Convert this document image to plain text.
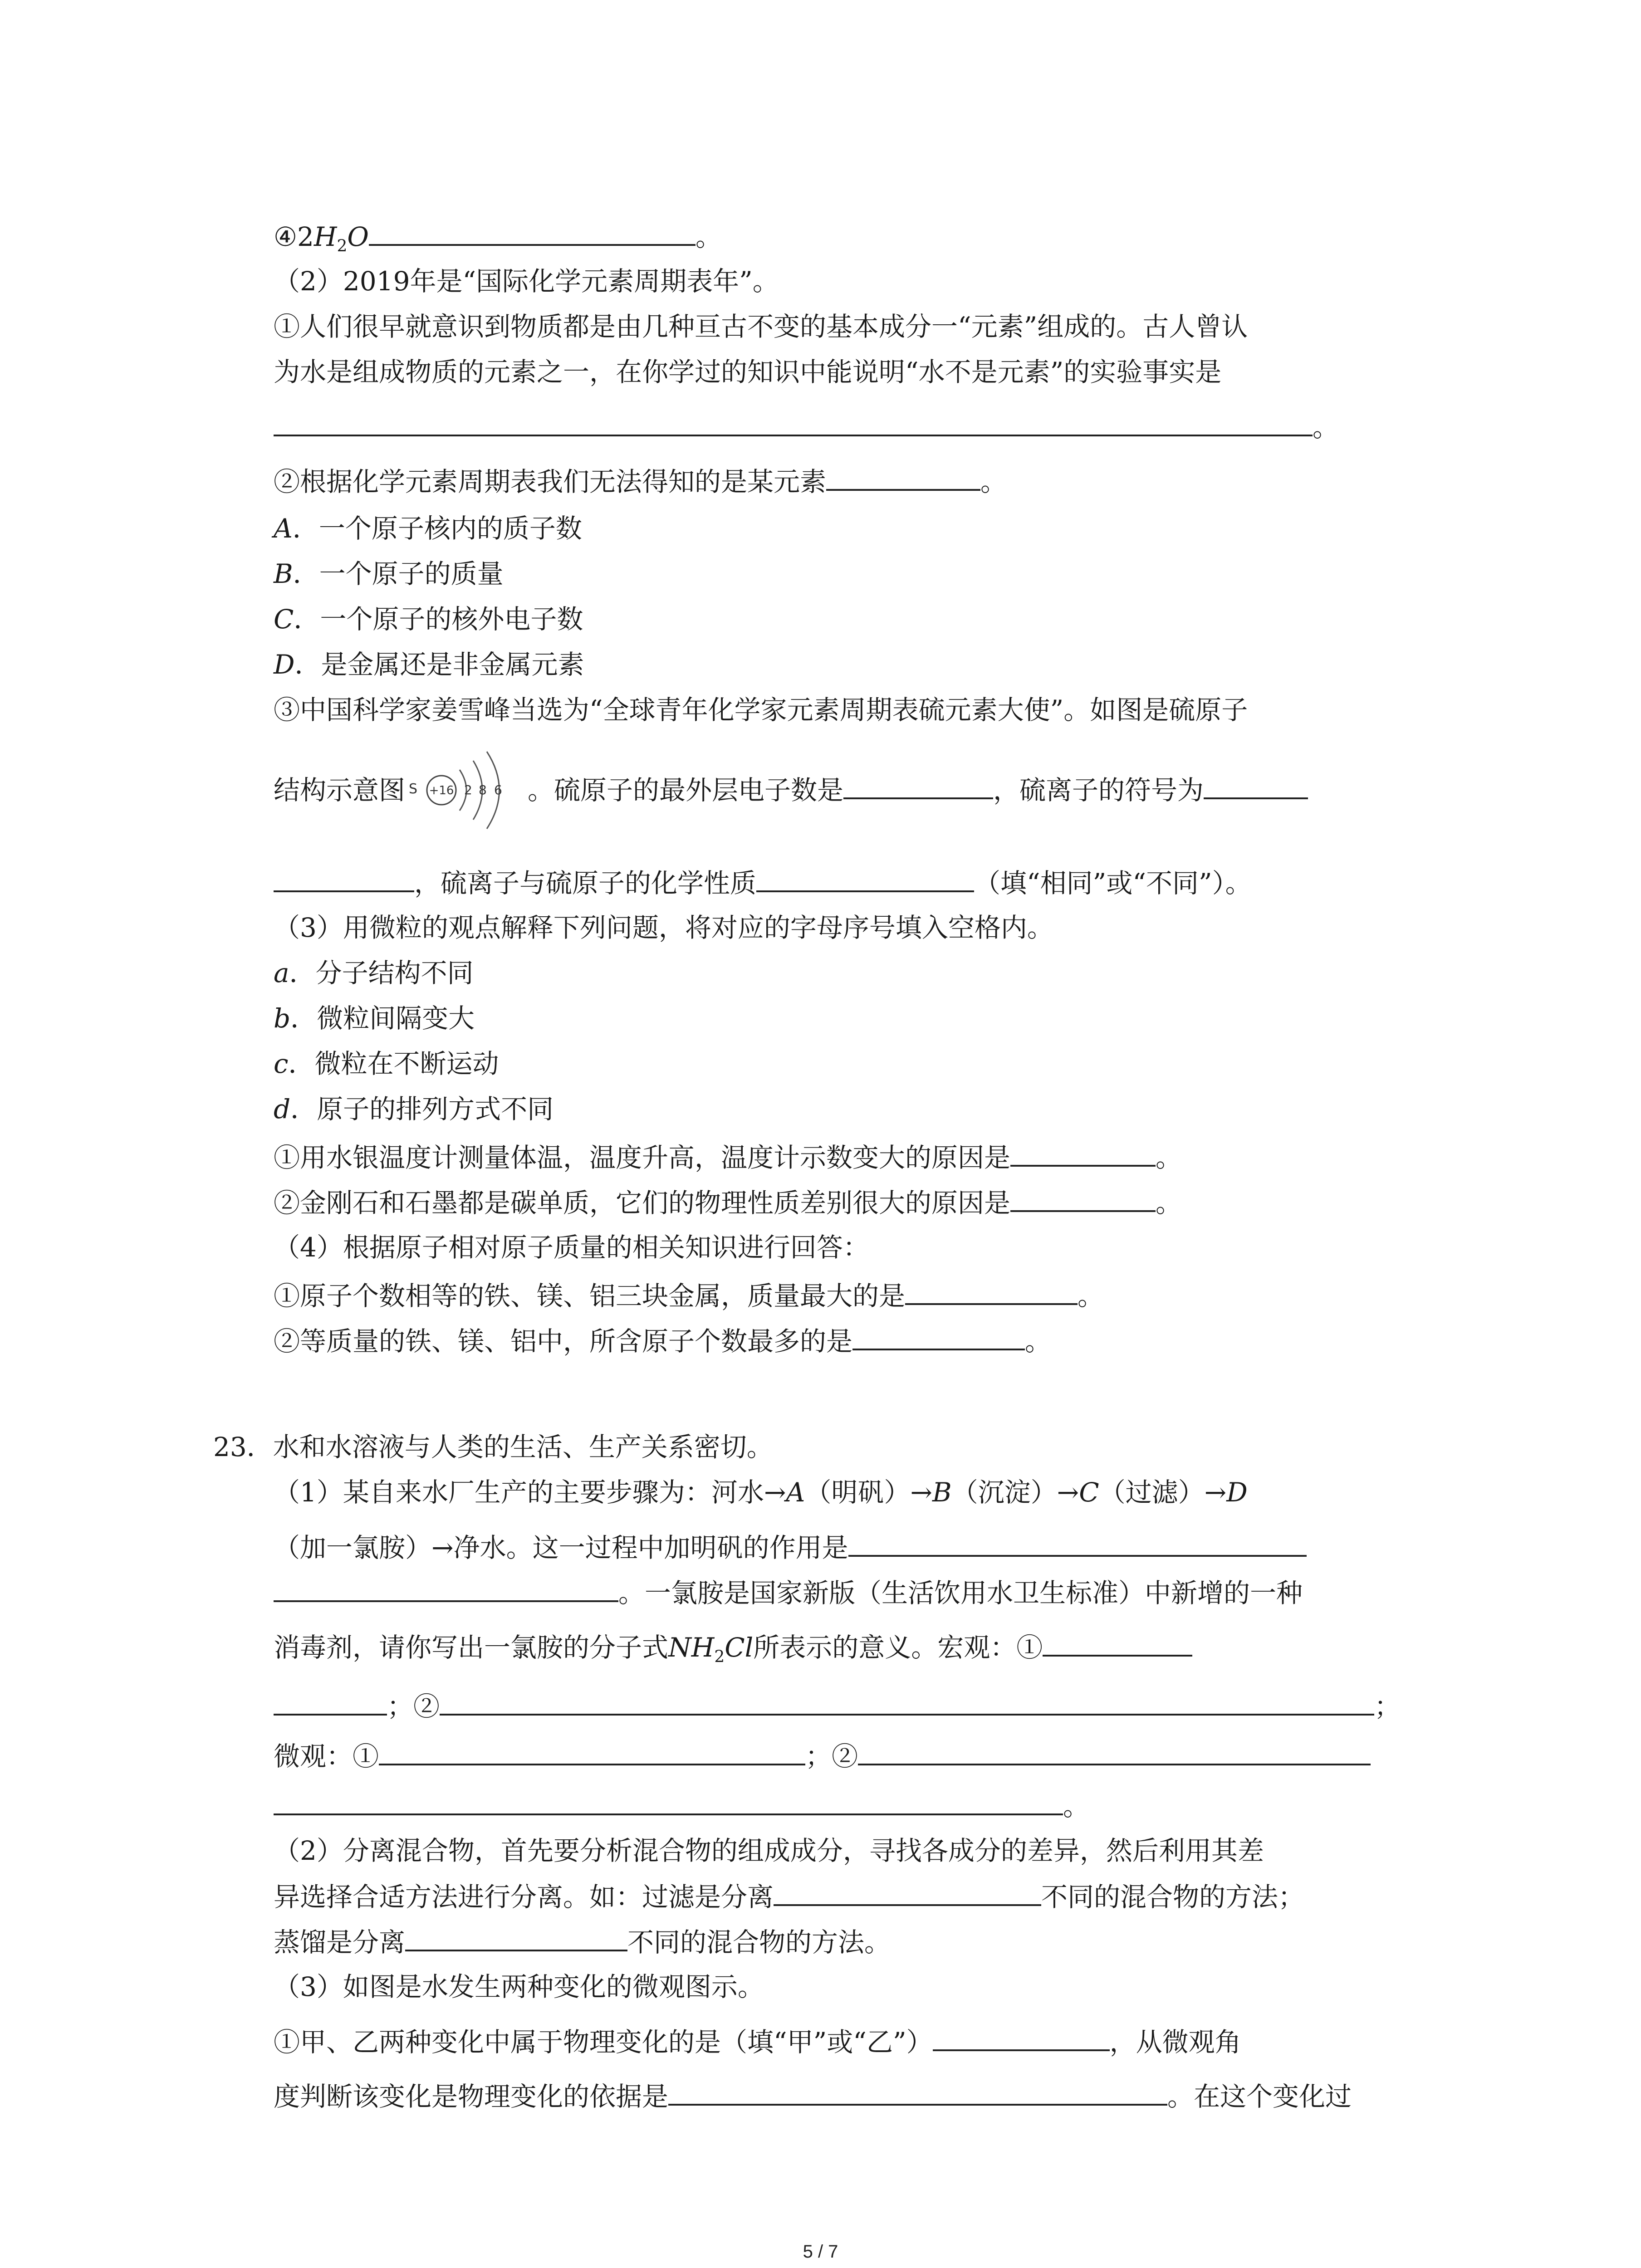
$④2H_2O$	。
（2）2019年是“国际化学元素周期表年”。
①人们很早就意识到物质都是由几种亘古不变的基本成分一“元素”组成的。古人曾认
为水是组成物质的元素之一，在你学过的知识中能说明“水不是元素”的实验事实是
。
②根据化学元素周期表我们无法得知的是某元素	。
A．一个原子核内的质子数
B．一个原子的质量
C．一个原子的核外电子数
D．是金属还是非金属元素
③中国科学家姜雪峰当选为“全球青年化学家元素周期表硫元素大使”。如图是硫原子
结构示意图 S +16 2 8 6 。硫原子的最外层电子数是	，硫离子的符号为
，硫离子与硫原子的化学性质	（填“相同”或“不同”）。
（3）用微粒的观点解释下列问题，将对应的字母序号填入空格内。
a．分子结构不同
b．微粒间隔变大
c．微粒在不断运动
d．原子的排列方式不同
①用水银温度计测量体温，温度升高，温度计示数变大的原因是	。
②金刚石和石墨都是碳单质，它们的物理性质差别很大的原因是	。
（4）根据原子相对原子质量的相关知识进行回答：
①原子个数相等的铁、镁、铝三块金属，质量最大的是	。
②等质量的铁、镁、铝中，所含原子个数最多的是	。
23．水和水溶液与人类的生活、生产关系密切。
（1）某自来水厂生产的主要步骤为：河水→A（明矾）→B（沉淀）→C（过滤）→D
（加一氯胺）→净水。这一过程中加明矾的作用是
。一氯胺是国家新版（生活饮用水卫生标准）中新增的一种
消毒剂，请你写出一氯胺的分子式$NH_2Cl$所表示的意义。宏观：①
；②	；
微观：①	；②
。
（2）分离混合物，首先要分析混合物的组成成分，寻找各成分的差异，然后利用其差
异选择合适方法进行分离。如：过滤是分离	不同的混合物的方法；
蒸馏是分离	不同的混合物的方法。
（3）如图是水发生两种变化的微观图示。
①甲、乙两种变化中属于物理变化的是（填“甲”或“乙”）	，从微观角
度判断该变化是物理变化的依据是	。在这个变化过
5 / 7
